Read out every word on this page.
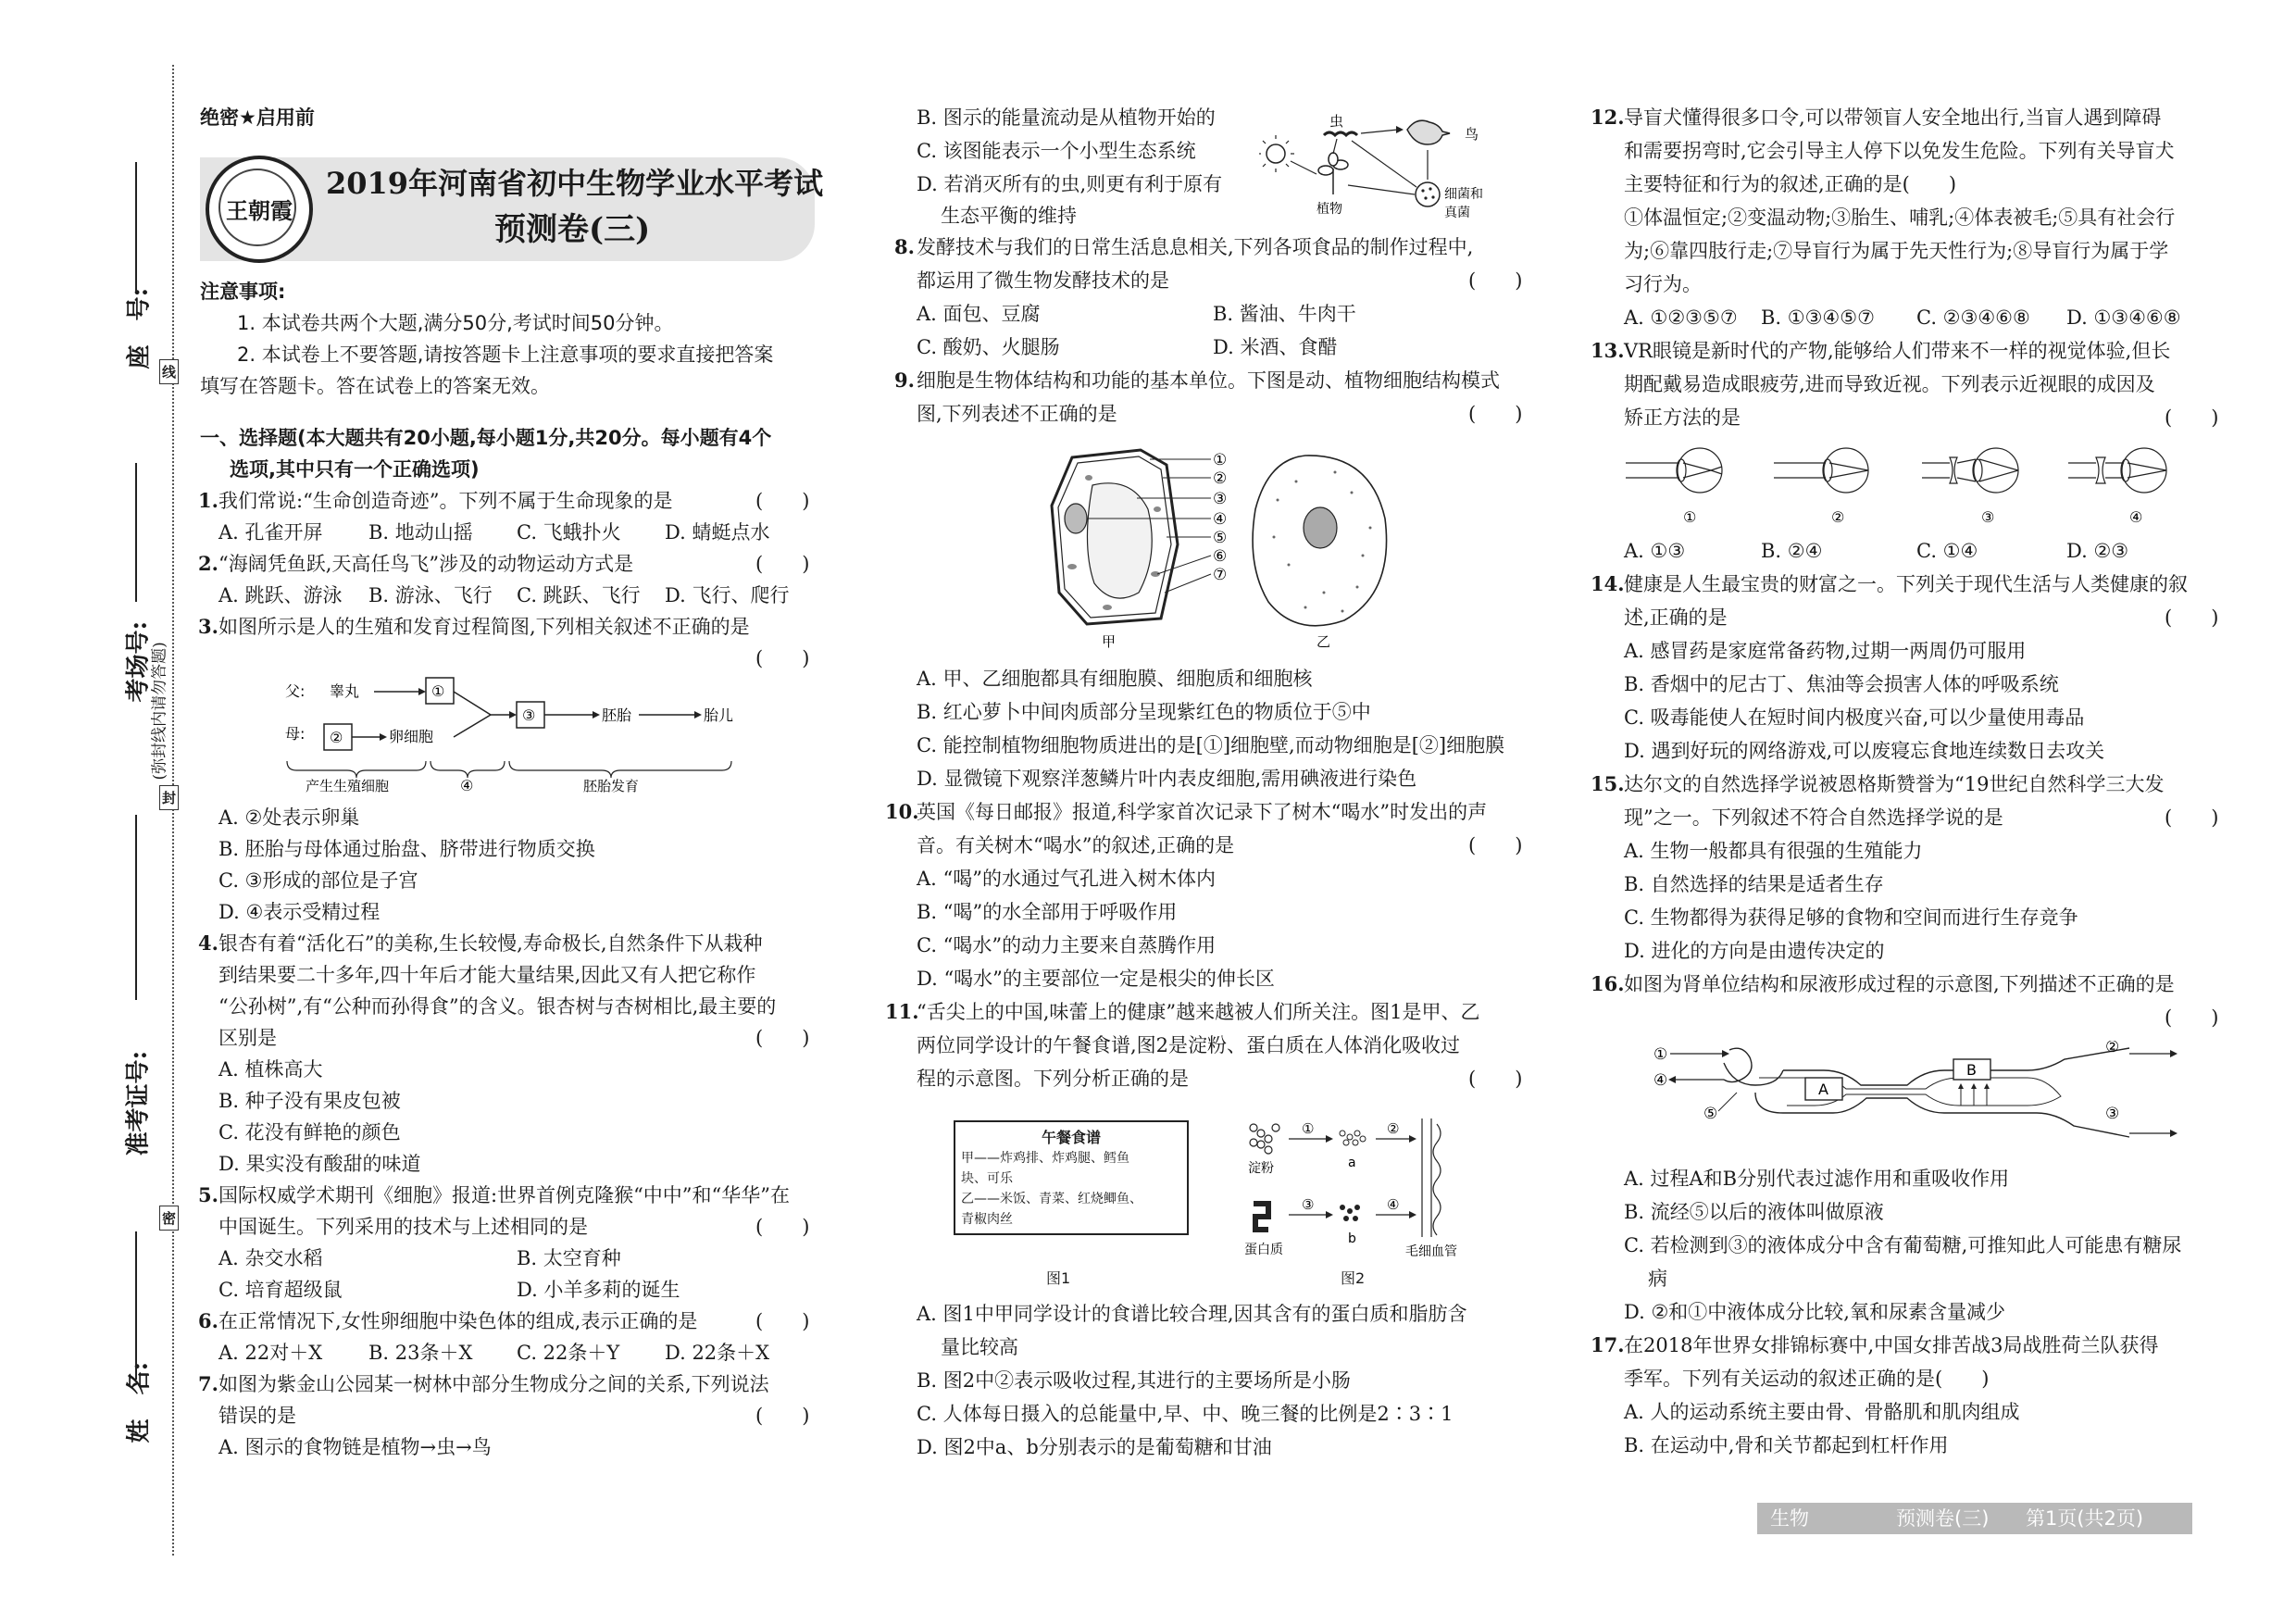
座　号:
线
考场号:
(弥封线内请勿答题)
封
准考证号:
密
姓　名:
绝密★启用前
王朝霞
2019年河南省初中生物学业水平考试
预测卷(三)
注意事项:
1. 本试卷共两个大题,满分50分,考试时间50分钟。
2. 本试卷上不要答题,请按答题卡上注意事项的要求直接把答案
填写在答题卡。答在试卷上的答案无效。
一、选择题(本大题共有20小题,每小题1分,共20分。每小题有4个
选项,其中只有一个正确选项)
1. 我们常说:“生命创造奇迹”。下列不属于生命现象的是	(　　)
A. 孔雀开屏 B. 地动山摇 C. 飞蛾扑火 D. 蜻蜓点水
2. “海阔凭鱼跃,天高任鸟飞”涉及的动物运动方式是	(　　)
A. 跳跃、游泳 B. 游泳、飞行 C. 跳跃、飞行 D. 飞行、爬行
3. 如图所示是人的生殖和发育过程简图,下列相关叙述不正确的是
(　　)
父: 睾丸	①
母: ②	卵细胞
③	胚胎	胎儿
产生生殖细胞	④	胚胎发育
A. ②处表示卵巢
B. 胚胎与母体通过胎盘、脐带进行物质交换
C. ③形成的部位是子宫
D. ④表示受精过程
4. 银杏有着“活化石”的美称,生长较慢,寿命极长,自然条件下从栽种
到结果要二十多年,四十年后才能大量结果,因此又有人把它称作
“公孙树”,有“公种而孙得食”的含义。银杏树与杏树相比,最主要的
区别是	(　　)
A. 植株高大
B. 种子没有果皮包被
C. 花没有鲜艳的颜色
D. 果实没有酸甜的味道
5. 国际权威学术期刊《细胞》报道:世界首例克隆猴“中中”和“华华”在
中国诞生。下列采用的技术与上述相同的是	(　　)
A. 杂交水稻	B. 太空育种
C. 培育超级鼠	D. 小羊多莉的诞生
6. 在正常情况下,女性卵细胞中染色体的组成,表示正确的是	(　　)
A. 22对＋X B. 23条＋X C. 22条＋Y D. 22条＋X
7. 如图为紫金山公园某一树林中部分生物成分之间的关系,下列说法
错误的是	(　　)
A. 图示的食物链是植物→虫→鸟
B. 图示的能量流动是从植物开始的
C. 该图能表示一个小型生态系统
D. 若消灭所有的虫,则更有利于原有
生态平衡的维持	植物
虫
鸟
细菌和
真菌
8. 发酵技术与我们的日常生活息息相关,下列各项食品的制作过程中,
都运用了微生物发酵技术的是	(　　)
A. 面包、豆腐	B. 酱油、牛肉干
C. 酸奶、火腿肠	D. 米酒、食醋
9. 细胞是生物体结构和功能的基本单位。下图是动、植物细胞结构模式
图,下列表述不正确的是	(　　)
①
②
③
④
⑤
⑥
⑦
甲	乙
A. 甲、乙细胞都具有细胞膜、细胞质和细胞核
B. 红心萝卜中间肉质部分呈现紫红色的物质位于⑤中
C. 能控制植物细胞物质进出的是[①]细胞壁,而动物细胞是[②]细胞膜
D. 显微镜下观察洋葱鳞片叶内表皮细胞,需用碘液进行染色
10.
英国《每日邮报》报道,科学家首次记录下了树木“喝水”时发出的声
音。有关树木“喝水”的叙述,正确的是	(　　)
A. “喝”的水通过气孔进入树木体内
B. “喝”的水全部用于呼吸作用
C. “喝水”的动力主要来自蒸腾作用
D. “喝水”的主要部位一定是根尖的伸长区
11.
“舌尖上的中国,味蕾上的健康”越来越被人们所关注。图1是甲、乙
两位同学设计的午餐食谱,图2是淀粉、蛋白质在人体消化吸收过
程的示意图。下列分析正确的是	(　　)
午餐食谱
甲——炸鸡排、炸鸡腿、鳕鱼
块、可乐
乙——米饭、青菜、红烧鲫鱼、
青椒肉丝
图1
淀粉
①
a
②
蛋白质
③
b
④
毛细血管
图2
A. 图1中甲同学设计的食谱比较合理,因其含有的蛋白质和脂肪含
量比较高
B. 图2中②表示吸收过程,其进行的主要场所是小肠
C. 人体每日摄入的总能量中,早、中、晚三餐的比例是2∶3∶1
D. 图2中a、b分别表示的是葡萄糖和甘油
12. 导盲犬懂得很多口令,可以带领盲人安全地出行,当盲人遇到障碍
和需要拐弯时,它会引导主人停下以免发生危险。下列有关导盲犬
主要特征和行为的叙述,正确的是(　　)
①体温恒定;②变温动物;③胎生、哺乳;④体表被毛;⑤具有社会行
为;⑥靠四肢行走;⑦导盲行为属于先天性行为;⑧导盲行为属于学
习行为。
A. ①②③⑤⑦ B. ①③④⑤⑦ C. ②③④⑥⑧ D. ①③④⑥⑧
13. VR眼镜是新时代的产物,能够给人们带来不一样的视觉体验,但长
期配戴易造成眼疲劳,进而导致近视。下列表示近视眼的成因及
矫正方法的是	(　　)
①	②	③	④
A. ①③	B. ②④	C. ①④	D. ②③
14. 健康是人生最宝贵的财富之一。下列关于现代生活与人类健康的叙
述,正确的是	(　　)
A. 感冒药是家庭常备药物,过期一两周仍可服用
B. 香烟中的尼古丁、焦油等会损害人体的呼吸系统
C. 吸毒能使人在短时间内极度兴奋,可以少量使用毒品
D. 遇到好玩的网络游戏,可以废寝忘食地连续数日去攻关
15. 达尔文的自然选择学说被恩格斯赞誉为“19世纪自然科学三大发
现”之一。下列叙述不符合自然选择学说的是	(　　)
A. 生物一般都具有很强的生殖能力
B. 自然选择的结果是适者生存
C. 生物都得为获得足够的食物和空间而进行生存竞争
D. 进化的方向是由遗传决定的
16. 如图为肾单位结构和尿液形成过程的示意图,下列描述不正确的是
(　　)
①
④
⑤
A
B
②
③
A. 过程A和B分别代表过滤作用和重吸收作用
B. 流经⑤以后的液体叫做原液
C. 若检测到③的液体成分中含有葡萄糖,可推知此人可能患有糖尿
病
D. ②和①中液体成分比较,氧和尿素含量减少
17. 在2018年世界女排锦标赛中,中国女排苦战3局战胜荷兰队获得
季军。下列有关运动的叙述正确的是(　　)
A. 人的运动系统主要由骨、骨骼肌和肌肉组成
B. 在运动中,骨和关节都起到杠杆作用
生物	预测卷(三) 第1页(共2页)
